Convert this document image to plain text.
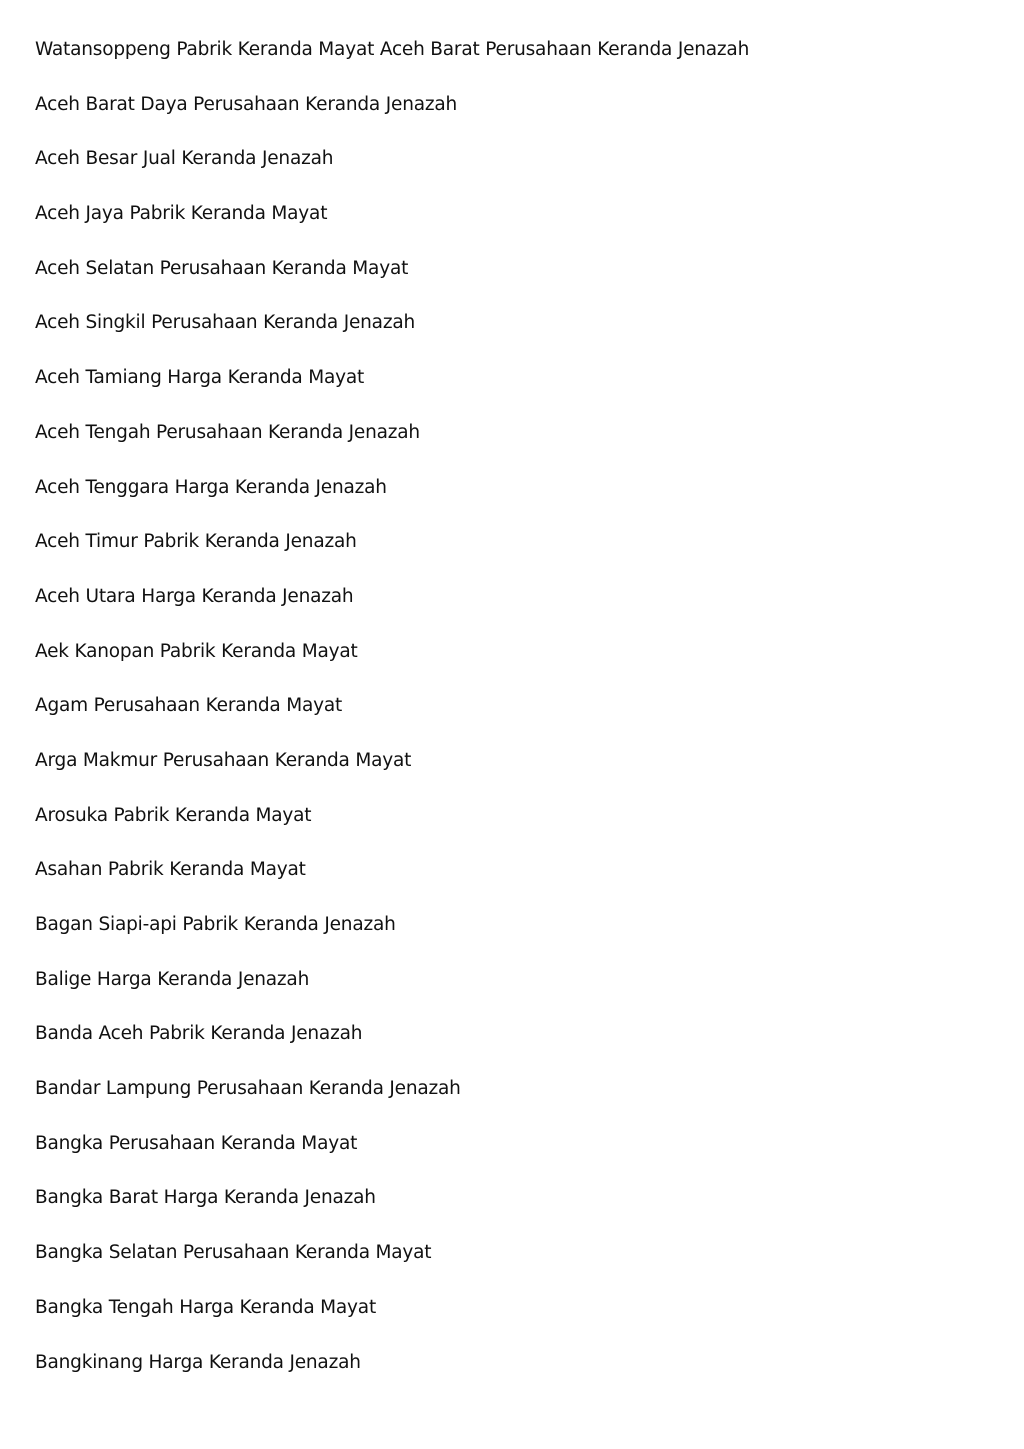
Watansoppeng Pabrik Keranda Mayat Aceh Barat Perusahaan Keranda Jenazah
Aceh Barat Daya Perusahaan Keranda Jenazah
Aceh Besar Jual Keranda Jenazah
Aceh Jaya Pabrik Keranda Mayat
Aceh Selatan Perusahaan Keranda Mayat
Aceh Singkil Perusahaan Keranda Jenazah
Aceh Tamiang Harga Keranda Mayat
Aceh Tengah Perusahaan Keranda Jenazah
Aceh Tenggara Harga Keranda Jenazah
Aceh Timur Pabrik Keranda Jenazah
Aceh Utara Harga Keranda Jenazah
Aek Kanopan Pabrik Keranda Mayat
Agam Perusahaan Keranda Mayat
Arga Makmur Perusahaan Keranda Mayat
Arosuka Pabrik Keranda Mayat
Asahan Pabrik Keranda Mayat
Bagan Siapi-api Pabrik Keranda Jenazah
Balige Harga Keranda Jenazah
Banda Aceh Pabrik Keranda Jenazah
Bandar Lampung Perusahaan Keranda Jenazah
Bangka Perusahaan Keranda Mayat
Bangka Barat Harga Keranda Jenazah
Bangka Selatan Perusahaan Keranda Mayat
Bangka Tengah Harga Keranda Mayat
Bangkinang Harga Keranda Jenazah
